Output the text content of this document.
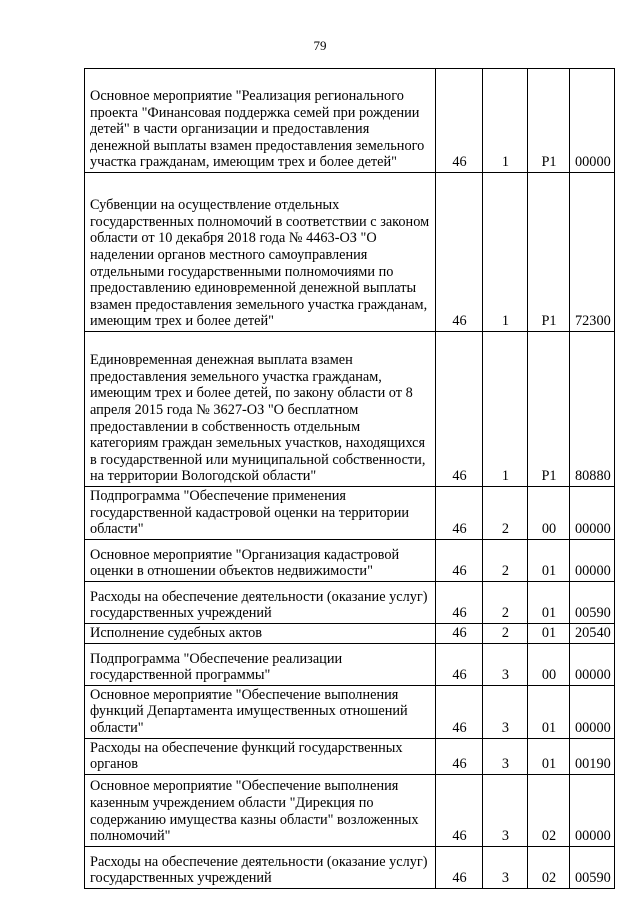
79
Основное мероприятие "Реализация регионального проекта "Финансовая поддержка семей при рождении детей" в части организации и предоставления денежной выплаты взамен предоставления земельного участка гражданам, имеющим трех и более детей"	46	1	P1	00000
Субвенции на осуществление отдельных государственных полномочий в соответствии с законом области от 10 декабря 2018 года № 4463-ОЗ "О наделении органов местного самоуправления отдельными государственными полномочиями по предоставлению единовременной денежной выплаты взамен предоставления земельного участка гражданам, имеющим трех и более детей"	46	1	P1	72300
Единовременная денежная выплата взамен предоставления земельного участка гражданам, имеющим трех и более детей, по закону области от 8 апреля 2015 года № 3627-ОЗ "О бесплатном предоставлении в собственность отдельным категориям граждан земельных участков, находящихся в государственной или муниципальной собственности, на территории Вологодской области"	46	1	P1	80880
Подпрограмма "Обеспечение применения государственной кадастровой оценки на территории области"	46	2	00	00000
Основное мероприятие "Организация кадастровой оценки в отношении объектов недвижимости"	46	2	01	00000
Расходы на обеспечение деятельности (оказание услуг) государственных учреждений	46	2	01	00590
Исполнение судебных актов	46	2	01	20540
Подпрограмма "Обеспечение реализации государственной программы"	46	3	00	00000
Основное мероприятие "Обеспечение выполнения функций Департамента имущественных отношений области"	46	3	01	00000
Расходы на обеспечение функций государственных органов	46	3	01	00190
Основное мероприятие "Обеспечение выполнения казенным учреждением области "Дирекция по содержанию имущества казны области" возложенных полномочий"	46	3	02	00000
Расходы на обеспечение деятельности (оказание услуг) государственных учреждений	46	3	02	00590
